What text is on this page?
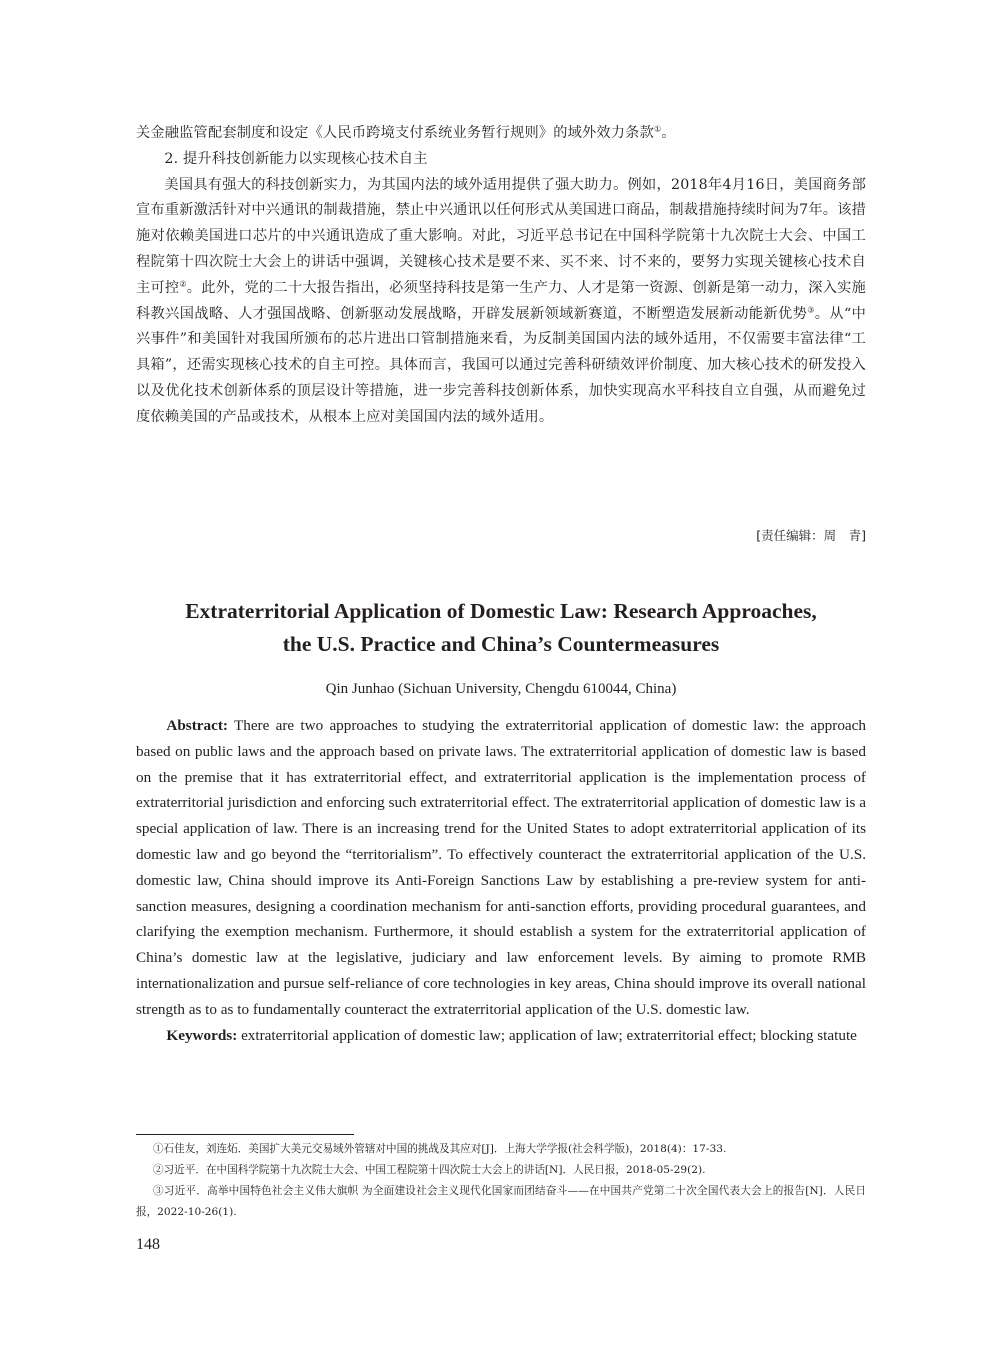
关金融监管配套制度和设定《人民币跨境支付系统业务暂行规则》的域外效力条款①。

2. 提升科技创新能力以实现核心技术自主

美国具有强大的科技创新实力，为其国内法的域外适用提供了强大助力。例如，2018年4月16日，美国商务部宣布重新激活针对中兴通讯的制裁措施，禁止中兴通讯以任何形式从美国进口商品，制裁措施持续时间为7年。该措施对依赖美国进口芯片的中兴通讯造成了重大影响。对此，习近平总书记在中国科学院第十九次院士大会、中国工程院第十四次院士大会上的讲话中强调，关键核心技术是要不来、买不来、讨不来的，要努力实现关键核心技术自主可控②。此外，党的二十大报告指出，必须坚持科技是第一生产力、人才是第一资源、创新是第一动力，深入实施科教兴国战略、人才强国战略、创新驱动发展战略，开辟发展新领域新赛道，不断塑造发展新动能新优势③。从“中兴事件”和美国针对我国所颁布的芯片进出口管制措施来看，为反制美国国内法的域外适用，不仅需要丰富法律“工具箱”，还需实现核心技术的自主可控。具体而言，我国可以通过完善科研绩效评价制度、加大核心技术的研发投入以及优化技术创新体系的顶层设计等措施，进一步完善科技创新体系，加快实现高水平科技自立自强，从而避免过度依赖美国的产品或技术，从根本上应对美国国内法的域外适用。

[责任编辑：周　青]

Extraterritorial Application of Domestic Law: Research Approaches,

the U.S. Practice and China’s Countermeasures

Qin Junhao (Sichuan University, Chengdu 610044, China)

Abstract: There are two approaches to studying the extraterritorial application of domestic law: the approach based on public laws and the approach based on private laws. The extraterritorial application of domestic law is based on the premise that it has extraterritorial effect, and extraterritorial application is the implementation process of extraterritorial jurisdiction and enforcing such extraterritorial effect. The extraterritorial application of domestic law is a special application of law. There is an increasing trend for the United States to adopt extraterritorial application of its domestic law and go beyond the “territorialism”. To effectively counteract the extraterritorial application of the U.S. domestic law, China should improve its Anti-Foreign Sanctions Law by establishing a pre-review system for anti-sanction measures, designing a coordination mechanism for anti-sanction efforts, providing procedural guarantees, and clarifying the exemption mechanism. Furthermore, it should establish a system for the extraterritorial application of China’s domestic law at the legislative, judiciary and law enforcement levels. By aiming to promote RMB internationalization and pursue self-reliance of core technologies in key areas, China should improve its overall national strength as to as to fundamentally counteract the extraterritorial application of the U.S. domestic law.

Keywords: extraterritorial application of domestic law; application of law; extraterritorial effect; blocking statute

①石佳友，刘连炻．美国扩大美元交易域外管辖对中国的挑战及其应对[J]．上海大学学报(社会科学版)，2018(4)：17-33.

②习近平．在中国科学院第十九次院士大会、中国工程院第十四次院士大会上的讲话[N]．人民日报，2018-05-29(2).

③习近平．高举中国特色社会主义伟大旗帜 为全面建设社会主义现代化国家而团结奋斗——在中国共产党第二十次全国代表大会上的报告[N]．人民日报，2022-10-26(1).

148
